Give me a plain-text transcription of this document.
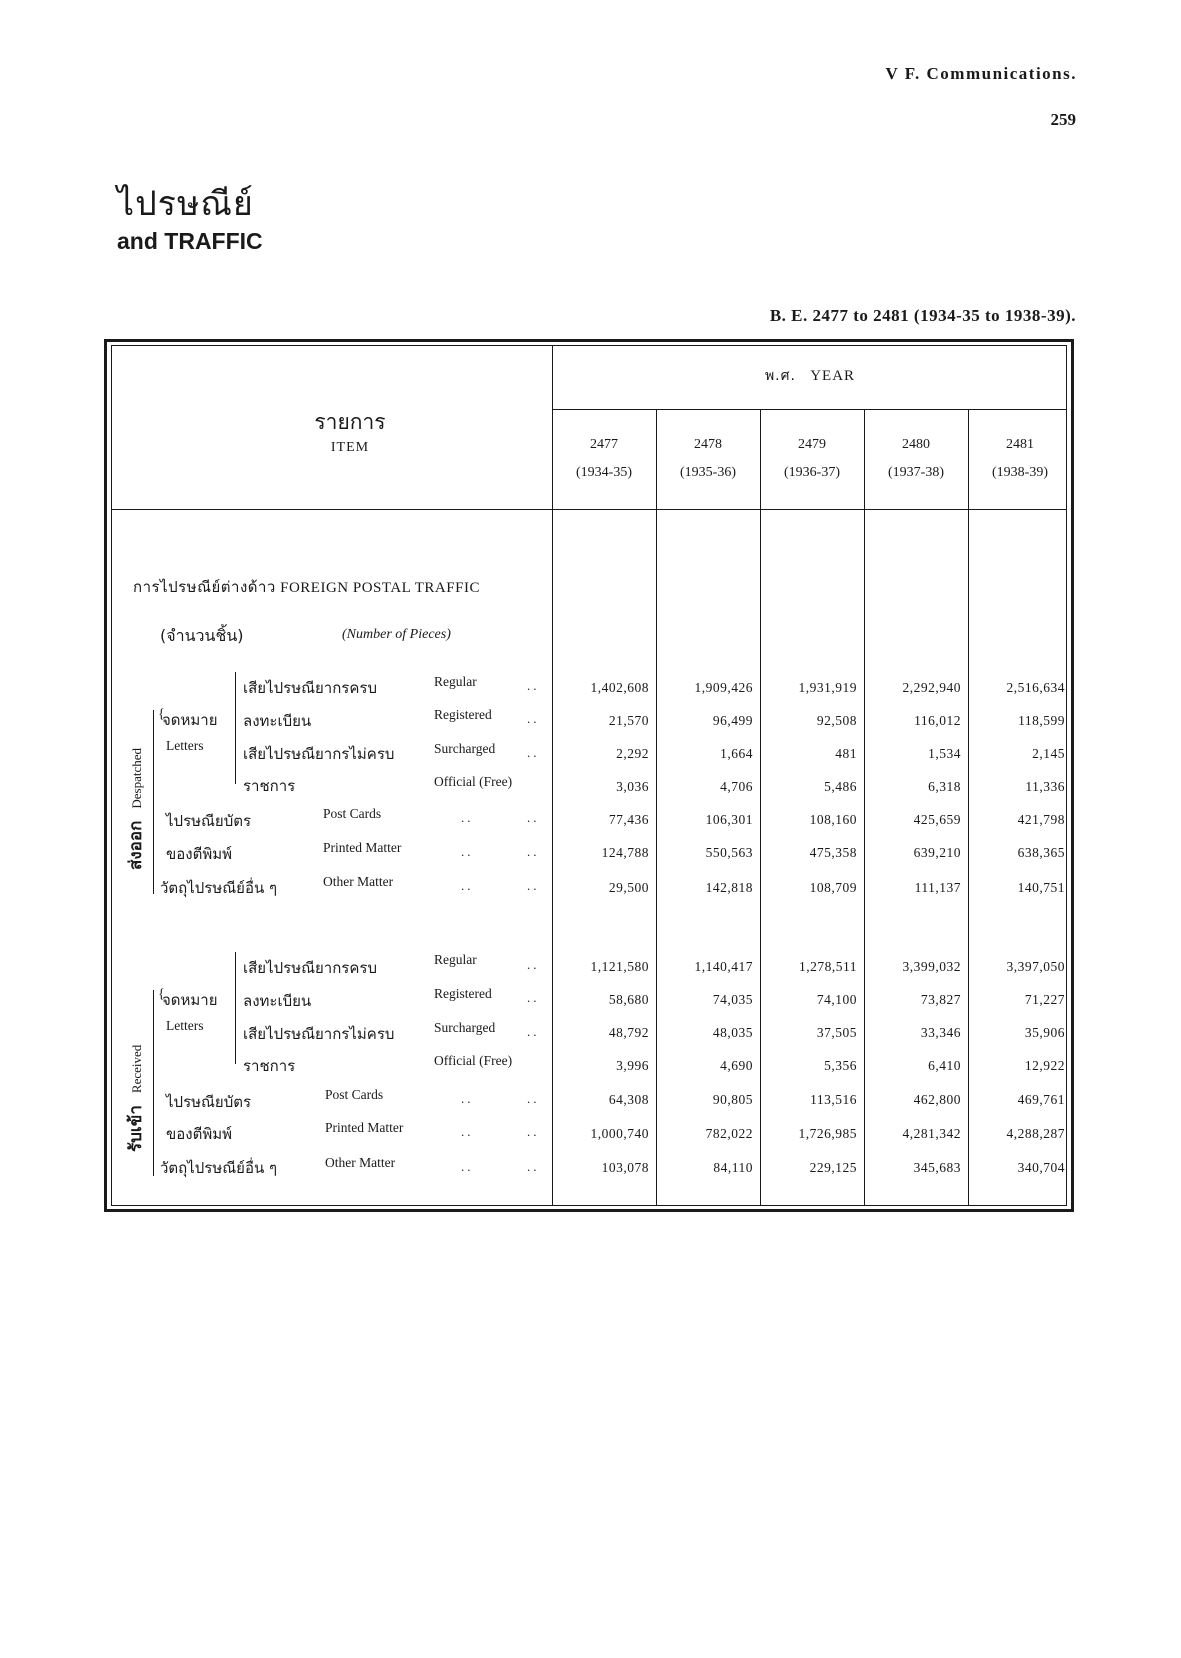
V F. Communications.
259
ไปรษณีย์
and TRAFFIC
B. E. 2477 to 2481 (1934-35 to 1938-39).
รายการ
ITEM
พ.ศ. YEAR
2477
(1934-35)
2478
(1935-36)
2479
(1936-37)
2480
(1937-38)
2481
(1938-39)
การไปรษณีย์ต่างด้าว FOREIGN POSTAL TRAFFIC
(จำนวนชิ้น)	(Number of Pieces)
ส่งออกDespatched
{
จดหมาย
Letters
เสียไปรษณียากรครบ	Regular	..	1,402,608	1,909,426	1,931,919	2,292,940	2,516,634
ลงทะเบียน	Registered	..	21,570	96,499	92,508	116,012	118,599
เสียไปรษณียากรไม่ครบ	Surcharged ..	2,292	1,664	481	1,534	2,145
ราชการ	Official (Free)	3,036	4,706	5,486	6,318	11,336
ไปรษณียบัตร	Post Cards	..	..	77,436	106,301	108,160	425,659	421,798
ของตีพิมพ์	Printed Matter	..	..	124,788	550,563	475,358	639,210	638,365
วัตถุไปรษณีย์อื่น ๆ	Other Matter	..	..	29,500	142,818	108,709	111,137	140,751
รับเข้าReceived
{
จดหมาย
Letters
เสียไปรษณียากรครบ	Regular	..	1,121,580	1,140,417	1,278,511	3,399,032	3,397,050
ลงทะเบียน	Registered	..	58,680	74,035	74,100	73,827	71,227
เสียไปรษณียากรไม่ครบ	Surcharged ..	48,792	48,035	37,505	33,346	35,906
ราชการ	Official (Free)	3,996	4,690	5,356	6,410	12,922
ไปรษณียบัตร	Post Cards	..	..	64,308	90,805	113,516	462,800	469,761
ของตีพิมพ์	Printed Matter	..	..	1,000,740	782,022	1,726,985	4,281,342	4,288,287
วัตถุไปรษณีย์อื่น ๆ	Other Matter	..	..	103,078	84,110	229,125	345,683	340,704
